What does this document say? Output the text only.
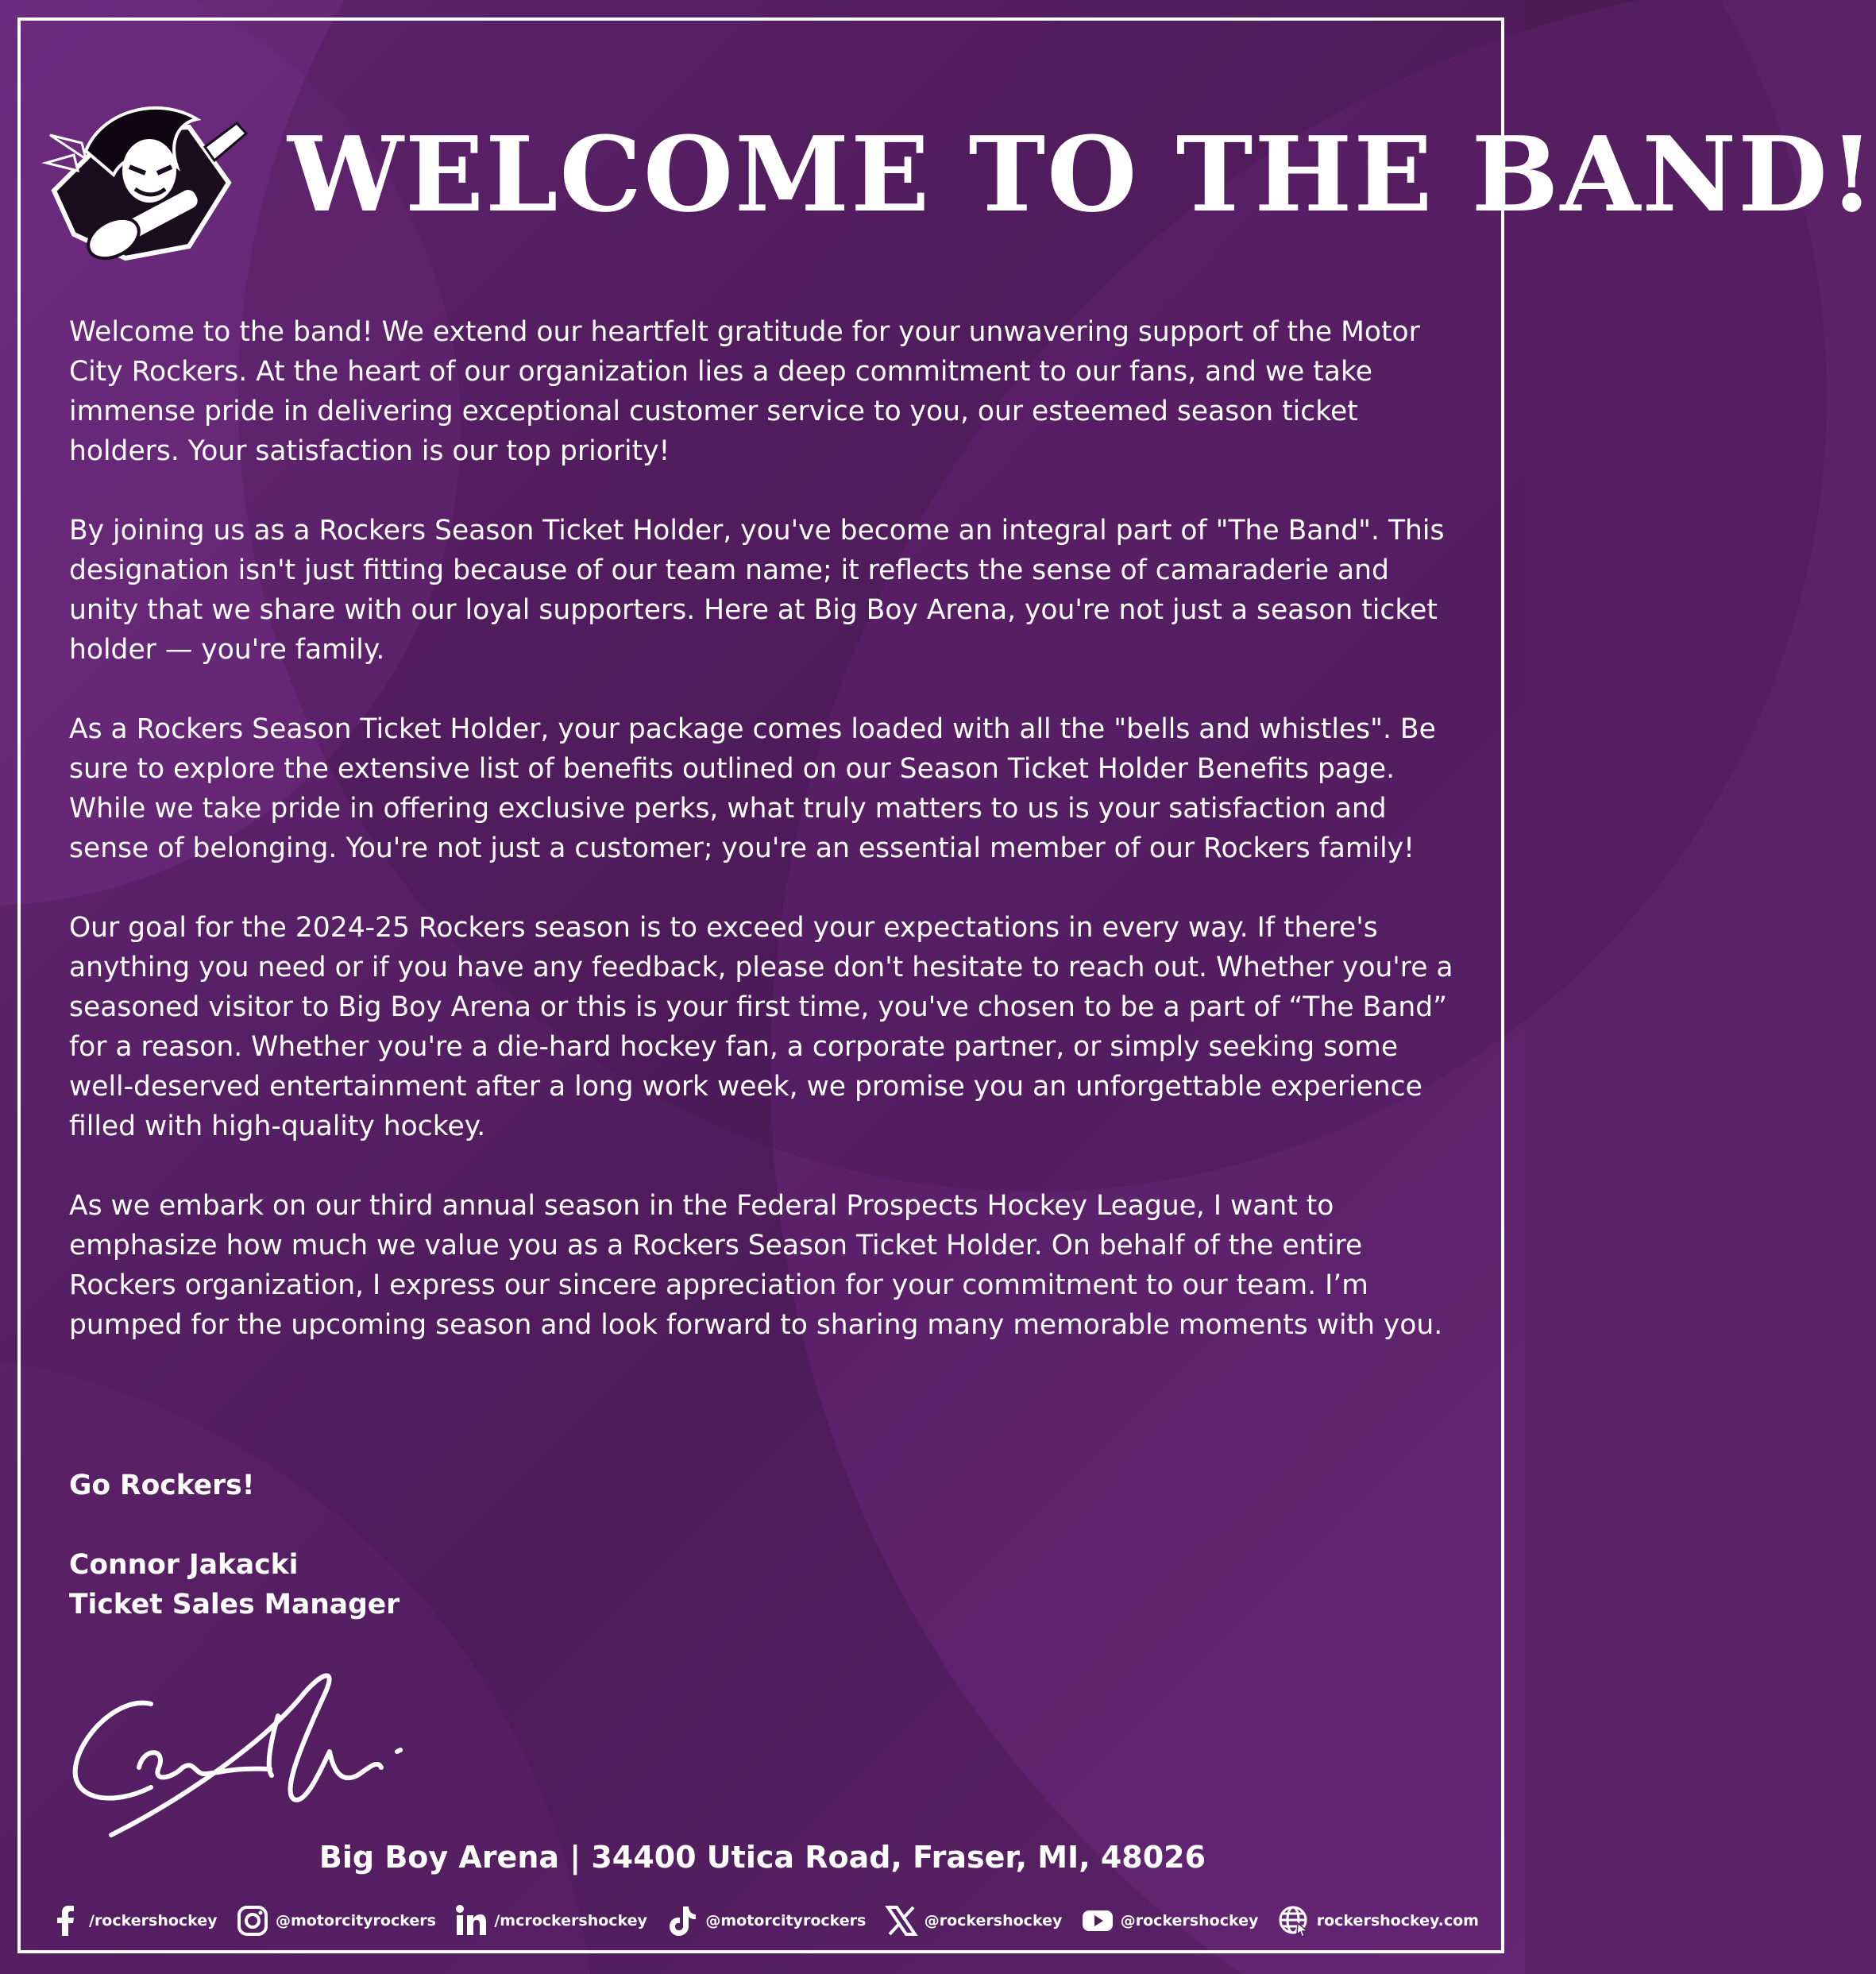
WELCOME TO THE BAND!

Welcome to the band! We extend our heartfelt gratitude for your unwavering support of the Motor City Rockers. At the heart of our organization lies a deep commitment to our fans, and we take immense pride in delivering exceptional customer service to you, our esteemed season ticket holders. Your satisfaction is our top priority!

By joining us as a Rockers Season Ticket Holder, you've become an integral part of "The Band". This designation isn't just fitting because of our team name; it reflects the sense of camaraderie and unity that we share with our loyal supporters. Here at Big Boy Arena, you're not just a season ticket holder — you're family.

As a Rockers Season Ticket Holder, your package comes loaded with all the "bells and whistles". Be sure to explore the extensive list of benefits outlined on our Season Ticket Holder Benefits page. While we take pride in offering exclusive perks, what truly matters to us is your satisfaction and sense of belonging. You're not just a customer; you're an essential member of our Rockers family!

Our goal for the 2024-25 Rockers season is to exceed your expectations in every way. If there's anything you need or if you have any feedback, please don't hesitate to reach out. Whether you're a seasoned visitor to Big Boy Arena or this is your first time, you've chosen to be a part of “The Band” for a reason. Whether you're a die-hard hockey fan, a corporate partner, or simply seeking some well-deserved entertainment after a long work week, we promise you an unforgettable experience filled with high-quality hockey.

As we embark on our third annual season in the Federal Prospects Hockey League, I want to emphasize how much we value you as a Rockers Season Ticket Holder. On behalf of the entire Rockers organization, I express our sincere appreciation for your commitment to our team. I’m pumped for the upcoming season and look forward to sharing many memorable moments with you.

Go Rockers!
Connor Jakacki
Ticket Sales Manager
Big Boy Arena | 34400 Utica Road, Fraser, MI, 48026
/rockershockey	@motorcityrockers	/mcrockershockey	@motorcityrockers	@rockershockey	@rockershockey	rockershockey.com
